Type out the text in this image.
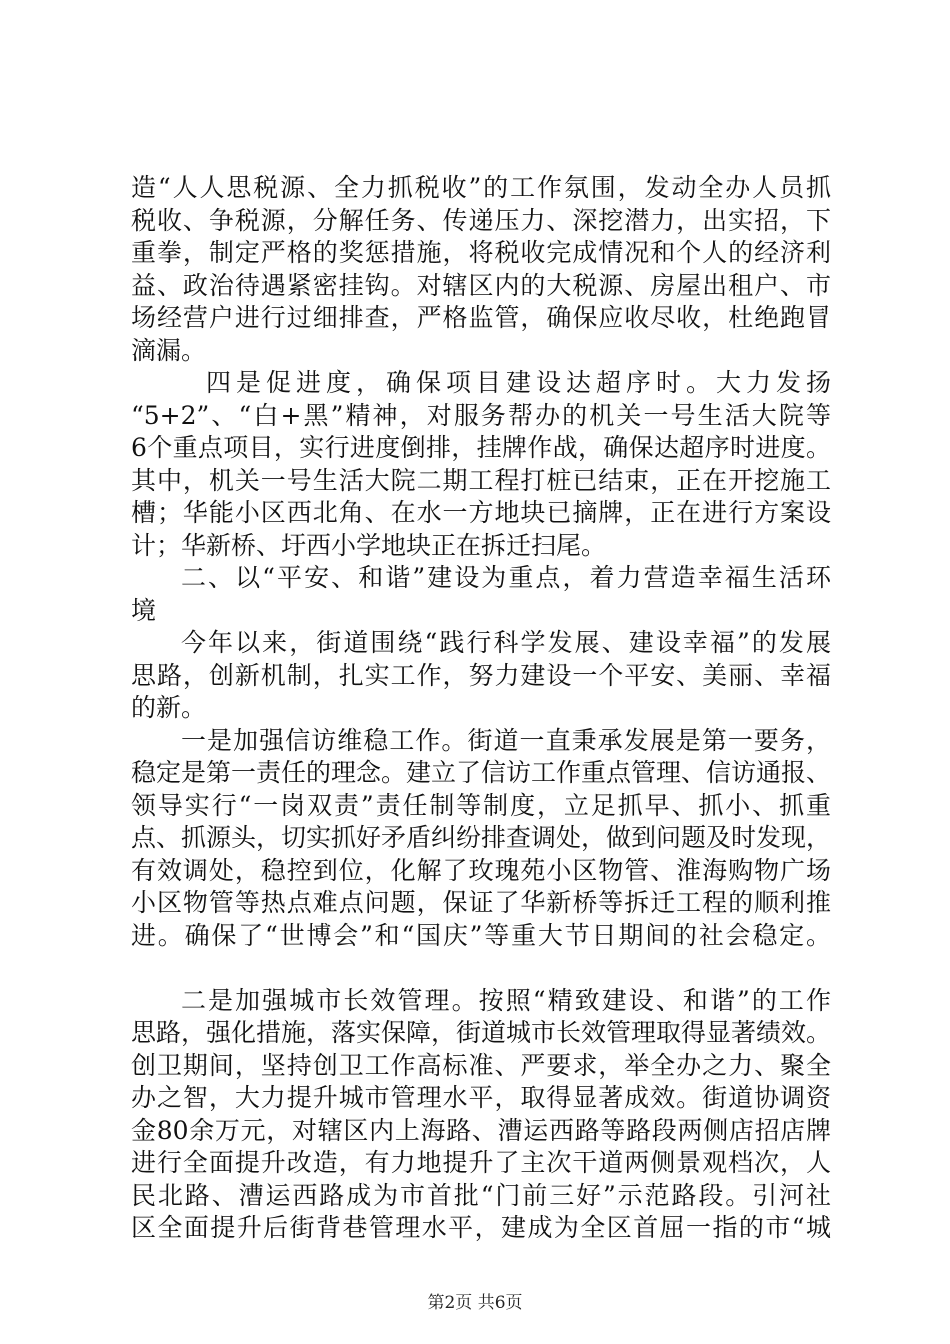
造“人人思税源、全力抓税收”的工作氛围，发动全办人员抓
税收、争税源，分解任务、传递压力、深挖潜力，出实招，下
重拳，制定严格的奖惩措施，将税收完成情况和个人的经济利
益、政治待遇紧密挂钩。对辖区内的大税源、房屋出租户、市
场经营户进行过细排查，严格监管，确保应收尽收，杜绝跑冒
滴漏。
四是促进度，确保项目建设达超序时。大力发扬
“5+2”、“白+黑”精神，对服务帮办的机关一号生活大院等
6个重点项目，实行进度倒排，挂牌作战，确保达超序时进度。
其中，机关一号生活大院二期工程打桩已结束，正在开挖施工
槽；华能小区西北角、在水一方地块已摘牌，正在进行方案设
计；华新桥、圩西小学地块正在拆迁扫尾。
二、以“平安、和谐”建设为重点，着力营造幸福生活环
境
今年以来，街道围绕“践行科学发展、建设幸福”的发展
思路，创新机制，扎实工作，努力建设一个平安、美丽、幸福
的新。
一是加强信访维稳工作。街道一直秉承发展是第一要务，
稳定是第一责任的理念。建立了信访工作重点管理、信访通报、
领导实行“一岗双责”责任制等制度，立足抓早、抓小、抓重
点、抓源头，切实抓好矛盾纠纷排查调处，做到问题及时发现，
有效调处，稳控到位，化解了玫瑰苑小区物管、淮海购物广场
小区物管等热点难点问题，保证了华新桥等拆迁工程的顺利推
进。确保了“世博会”和“国庆”等重大节日期间的社会稳定。
二是加强城市长效管理。按照“精致建设、和谐”的工作
思路，强化措施，落实保障，街道城市长效管理取得显著绩效。
创卫期间，坚持创卫工作高标准、严要求，举全办之力、聚全
办之智，大力提升城市管理水平，取得显著成效。街道协调资
金80余万元，对辖区内上海路、漕运西路等路段两侧店招店牌
进行全面提升改造，有力地提升了主次干道两侧景观档次，人
民北路、漕运西路成为市首批“门前三好”示范路段。引河社
区全面提升后街背巷管理水平，建成为全区首屈一指的市“城
第2页 共6页
